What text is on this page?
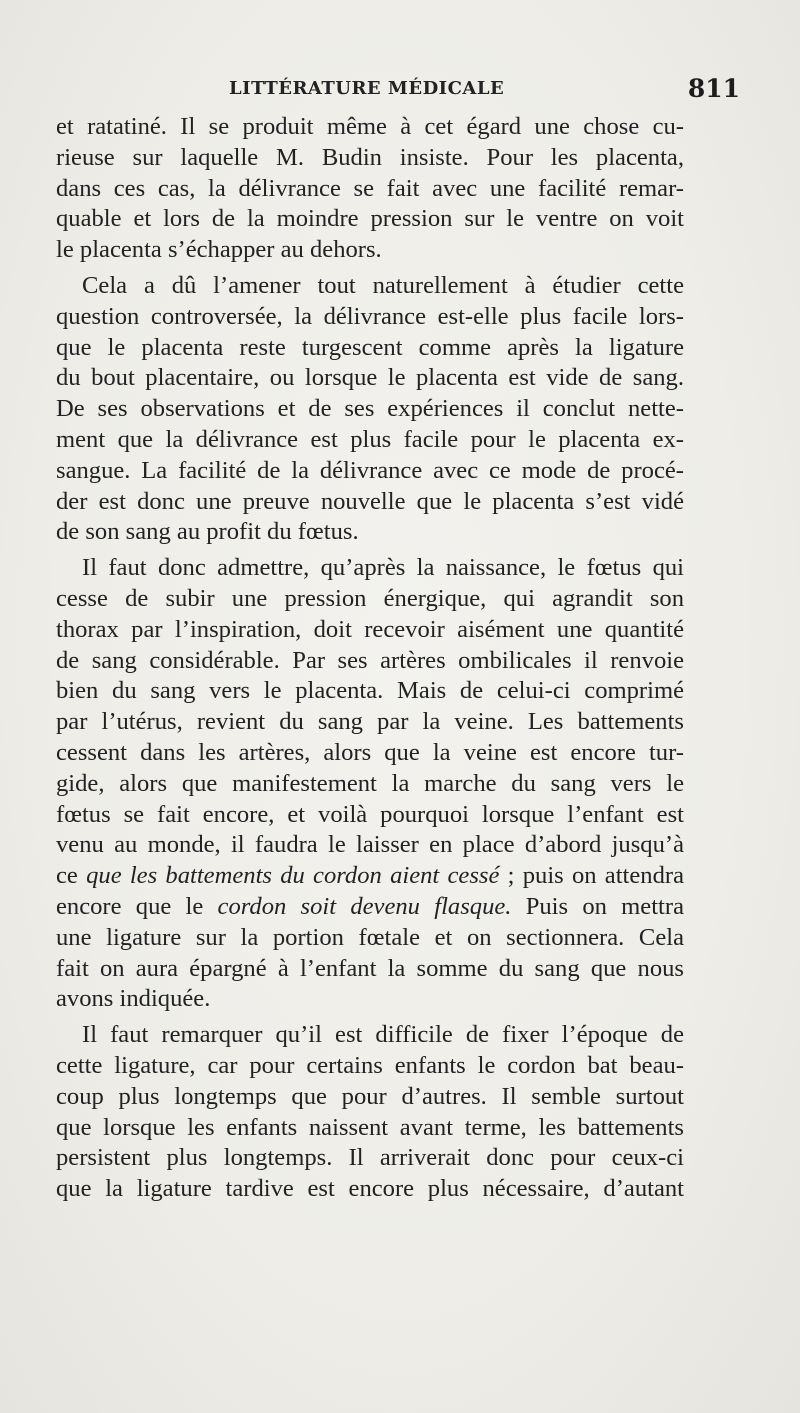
LITTÉRATURE MÉDICALE	811
et ratatiné. Il se produit même à cet égard une chose cu-
rieuse sur laquelle M. Budin insiste. Pour les placenta,
dans ces cas, la délivrance se fait avec une facilité remar-
quable et lors de la moindre pression sur le ventre on voit
le placenta s’échapper au dehors.
Cela a dû l’amener tout naturellement à étudier cette
question controversée, la délivrance est-elle plus facile lors-
que le placenta reste turgescent comme après la ligature
du bout placentaire, ou lorsque le placenta est vide de sang.
De ses observations et de ses expériences il conclut nette-
ment que la délivrance est plus facile pour le placenta ex-
sangue. La facilité de la délivrance avec ce mode de procé-
der est donc une preuve nouvelle que le placenta s’est vidé
de son sang au profit du fœtus.
Il faut donc admettre, qu’après la naissance, le fœtus qui
cesse de subir une pression énergique, qui agrandit son
thorax par l’inspiration, doit recevoir aisément une quantité
de sang considérable. Par ses artères ombilicales il renvoie
bien du sang vers le placenta. Mais de celui-ci comprimé
par l’utérus, revient du sang par la veine. Les battements
cessent dans les artères, alors que la veine est encore tur-
gide, alors que manifestement la marche du sang vers le
fœtus se fait encore, et voilà pourquoi lorsque l’enfant est
venu au monde, il faudra le laisser en place d’abord jusqu’à
ce que les battements du cordon aient cessé ; puis on attendra
encore que le cordon soit devenu flasque. Puis on mettra
une ligature sur la portion fœtale et on sectionnera. Cela
fait on aura épargné à l’enfant la somme du sang que nous
avons indiquée.
Il faut remarquer qu’il est difficile de fixer l’époque de
cette ligature, car pour certains enfants le cordon bat beau-
coup plus longtemps que pour d’autres. Il semble surtout
que lorsque les enfants naissent avant terme, les battements
persistent plus longtemps. Il arriverait donc pour ceux-ci
que la ligature tardive est encore plus nécessaire, d’autant
